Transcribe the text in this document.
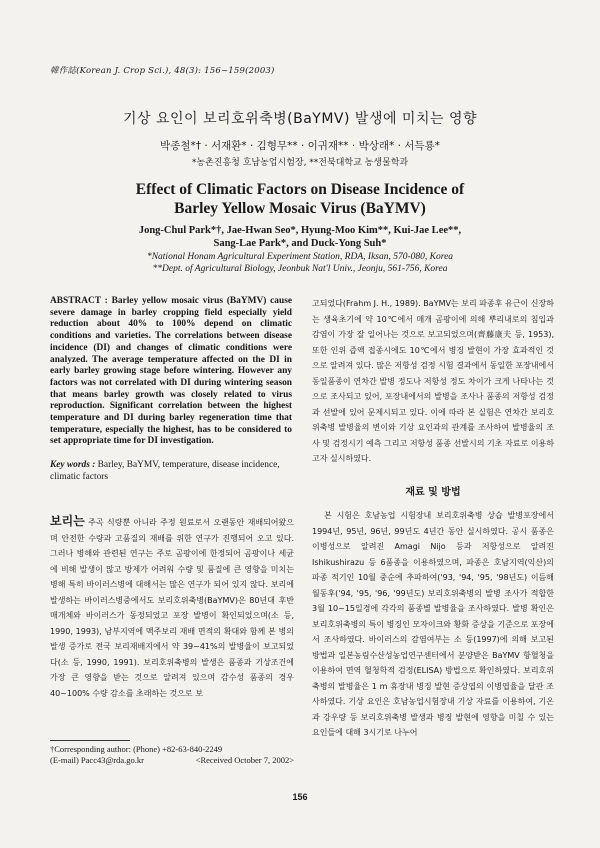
韓作誌(Korean J. Crop Sci.), 48(3): 156~159(2003)
기상 요인이 보리호위축병(BaYMV) 발생에 미치는 영향
박종철*† · 서재환* · 김형무** · 이귀재** · 박상래* · 서득룡*
*농촌진흥청 호남농업시험장, **전북대학교 농생물학과
Effect of Climatic Factors on Disease Incidence of
Barley Yellow Mosaic Virus (BaYMV)
Jong-Chul Park*†, Jae-Hwan Seo*, Hyung-Moo Kim**, Kui-Jae Lee**,
Sang-Lae Park*, and Duck-Yong Suh*
*National Honam Agricultural Experiment Station, RDA, Iksan, 570-080, Korea
**Dept. of Agricultural Biology, Jeonbuk Nat'l Univ., Jeonju, 561-756, Korea
ABSTRACT : Barley yellow mosaic virus (BaYMV) cause severe damage in barley cropping field especially yield reduction about 40% to 100% depend on climatic conditions and varieties. The correlations between disease incidence (DI) and changes of climatic conditions were analyzed. The average temperature affected on the DI in early barley growing stage before wintering. However any factors was not correlated with DI during wintering season that means barley growth was closely related to virus reproduction. Significant correlation between the highest temperature and DI during barley regeneration time that temperature, especially the highest, has to be considered to set appropriate time for DI investigation.
Key words : Barley, BaYMV, temperature, disease incidence, climatic factors
보리는 주곡 식량뿐 아니라 주정 원료로서 오랜동안 재배되어왔으며 안전한 수량과 고품질의 재배를 위한 연구가 진행되어 오고 있다. 그러나 병해와 관련된 연구는 주로 곰팡이에 한정되어 곰팡이나 세균에 비해 발생이 많고 방제가 어려워 수량 및 품질에 큰 영향을 미치는 병해 특히 바이러스병에 대해서는 많은 연구가 되어 있지 않다. 보리에 발생하는 바이러스병중에서도 보리호위축병(BaYMV)은 80년대 후반 매개체와 바이러스가 동정되었고 포장 발병이 확인되었으며(소 등, 1990, 1993), 남부지역에 맥주보리 재배 면적의 확대와 함께 본 병의 발생 증가로 전국 보리재배지에서 약 39~41%의 발병율이 보고되었다(소 등, 1990, 1991). 보리호위축병의 발생은 품종과 기상조건에 가장 큰 영향을 받는 것으로 알려져 있으며 감수성 품종의 경우 40~100% 수량 감소를 초래하는 것으로 보
†Corresponding author: (Phone) +82-63-840-2249
(E-mail) Pacc43@rda.go.kr	<Received October 7, 2002>
고되었다(Frahm J. H., 1989). BaYMV는 보리 파종후 유근이 신장하는 생육초기에 약 10℃에서 매개 곰팡이에 의해 뿌리내로의 침입과 감염이 가장 잘 일어나는 것으로 보고되었으며(齊藤康夫 등, 1953), 또한 인위 즙액 접종시에도 10℃에서 병징 발현이 가장 효과적인 것으로 알려져 있다. 많은 저항성 검정 시험 결과에서 동일한 포장내에서 동일품종이 연차간 발병 정도나 저항성 정도 차이가 크게 나타나는 것으로 조사되고 있어, 포장내에서의 발병을 조사나 품종의 저항성 검정과 선발에 있어 문제시되고 있다. 이에 따라 본 실험은 연차간 보리호위축병 발병율의 변이와 기상 요인과의 관계를 조사하여 발병율의 조사 및 검정시기 예측 그리고 저항성 품종 선발시의 기초 자료로 이용하고자 실시하였다.
재료 및 방법
본 시험은 호남농업 시험장내 보리호위축병 상습 발병포장에서 1994년, 95년, 96년, 99년도 4년간 동안 실시하였다. 공시 품종은 이병성으로 알려진 Amagi Nijo 등과 저항성으로 알려진 Ishikushirazu 등 6품종을 이용하였으며, 파종은 호남지역(익산)의 파종 적기인 10월 중순에 추파하여('93, '94, '95, '98년도) 이듬해 월동후('94, '95, '96, '99년도) 보리호위축병의 발병 조사가 적합한 3월 10~15일경에 각각의 품종별 발병율을 조사하였다. 발병 확인은 보리호위축병의 특이 병징인 모자이크와 황화 증상을 기준으로 포장에서 조사하였다. 바이러스의 감염여부는 소 등(1997)에 의해 보고된 방법과 일본농림수산성농업연구센터에서 분양받은 BaYMV 항혈청을 이용하여 면역 혈청학적 검정(ELISA) 방법으로 확인하였다. 보리호위축병의 발병율은 1 m 휴장내 병징 발현 증상엽의 이병엽율을 달관 조사하였다. 기상 요인은 호남농업시험장내 기상 자료를 이용하여, 기온과 강우량 등 보리호위축병 발생과 병징 발현에 영향을 미칠 수 있는 요인들에 대해 3시기로 나누어
156
